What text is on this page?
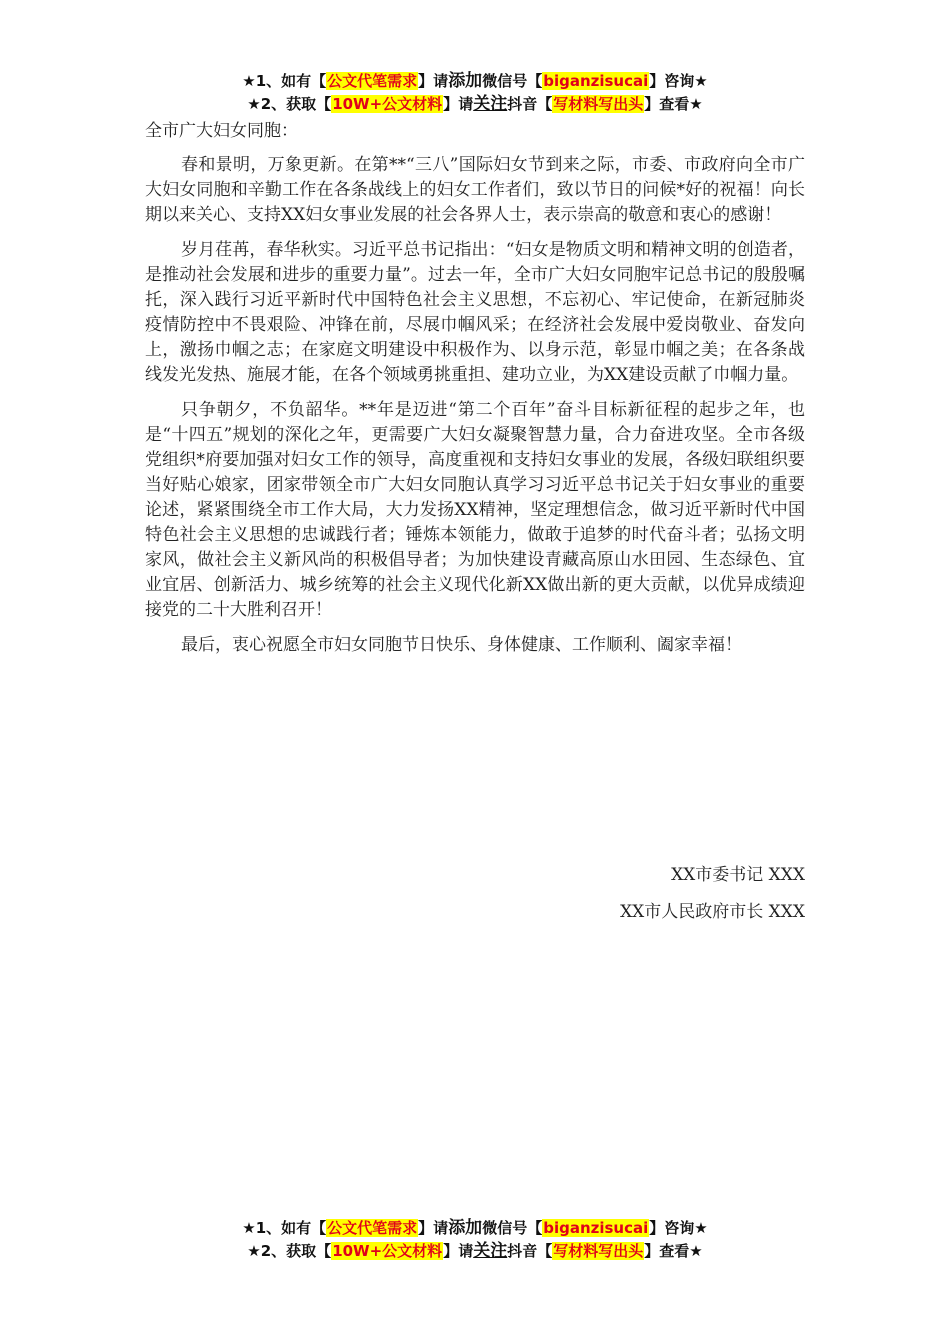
★1、如有【公文代笔需求】请添加微信号【biganzisucai】咨询★
★2、获取【10W+公文材料】请关注抖音【写材料写出头】查看★
全市广大妇女同胞：

春和景明，万象更新。在第**“三八”国际妇女节到来之际，市委、市政府向全市广大妇女同胞和辛勤工作在各条战线上的妇女工作者们，致以节日的问候*好的祝福！向长期以来关心、支持XX妇女事业发展的社会各界人士，表示崇高的敬意和衷心的感谢！

岁月荏苒，春华秋实。习近平总书记指出：“妇女是物质文明和精神文明的创造者，是推动社会发展和进步的重要力量”。过去一年，全市广大妇女同胞牢记总书记的殷殷嘱托，深入践行习近平新时代中国特色社会主义思想，不忘初心、牢记使命，在新冠肺炎疫情防控中不畏艰险、冲锋在前，尽展巾帼风采；在经济社会发展中爱岗敬业、奋发向上，激扬巾帼之志；在家庭文明建设中积极作为、以身示范，彰显巾帼之美；在各条战线发光发热、施展才能，在各个领域勇挑重担、建功立业，为XX建设贡献了巾帼力量。

只争朝夕，不负韶华。**年是迈进“第二个百年”奋斗目标新征程的起步之年，也是“十四五”规划的深化之年，更需要广大妇女凝聚智慧力量，合力奋进攻坚。全市各级党组织*府要加强对妇女工作的领导，高度重视和支持妇女事业的发展，各级妇联组织要当好贴心娘家，团家带领全市广大妇女同胞认真学习习近平总书记关于妇女事业的重要论述，紧紧围绕全市工作大局，大力发扬XX精神，坚定理想信念，做习近平新时代中国特色社会主义思想的忠诚践行者；锤炼本领能力，做敢于追梦的时代奋斗者；弘扬文明家风，做社会主义新风尚的积极倡导者；为加快建设青藏高原山水田园、生态绿色、宜业宜居、创新活力、城乡统筹的社会主义现代化新XX做出新的更大贡献，以优异成绩迎接党的二十大胜利召开！

最后，衷心祝愿全市妇女同胞节日快乐、身体健康、工作顺利、阖家幸福！

XX市委书记 XXX
XX市人民政府市长 XXX
★1、如有【公文代笔需求】请添加微信号【biganzisucai】咨询★
★2、获取【10W+公文材料】请关注抖音【写材料写出头】查看★
